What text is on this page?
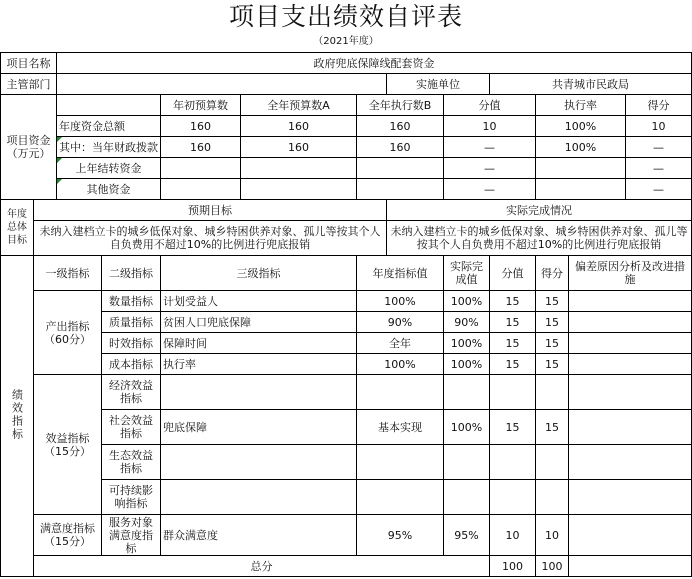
项目支出绩效自评表
（2021年度）
项目名称		政府兜底保障线配套资金										
主管部门							实施单位		共青城市民政局			
项目资金（万元）				年初预算数	全年预算数A	全年执行数B		分值		执行率		得分
		年度资金总额		160	160	160		10		100%		10
		其中：当年财政拨款		160	160	160		—		100%		—
		上年结转资金						—				—
		其他资金						—				—
年度总体目标	预期目标						实际完成情况					
	未纳入建档立卡的城乡低保对象、城乡特困供养对象、孤儿等按其个人自负费用不超过10%的比例进行兜底报销						未纳入建档立卡的城乡低保对象、城乡特困供养对象、孤儿等按其个人自负费用不超过10%的比例进行兜底报销					
绩效指标	一级指标		二级指标	三级指标		年度指标值		实际完成值	分值	得分	偏差原因分析及改进措施	
	产出指标（60分）		数量指标	计划受益人		100%		100%	15	15		
			质量指标	贫困人口兜底保障		90%		90%	15	15		
			时效指标	保障时间		全年		100%	15	15		
			成本指标	执行率		100%		100%	15	15		
	效益指标（15分）		经济效益指标									
			社会效益指标	兜底保障		基本实现		100%	15	15		
			生态效益指标									
			可持续影响指标									
	满意度指标（15分）		服务对象满意度指标	群众满意度		95%		95%	10	10		
	总分								100	100		
